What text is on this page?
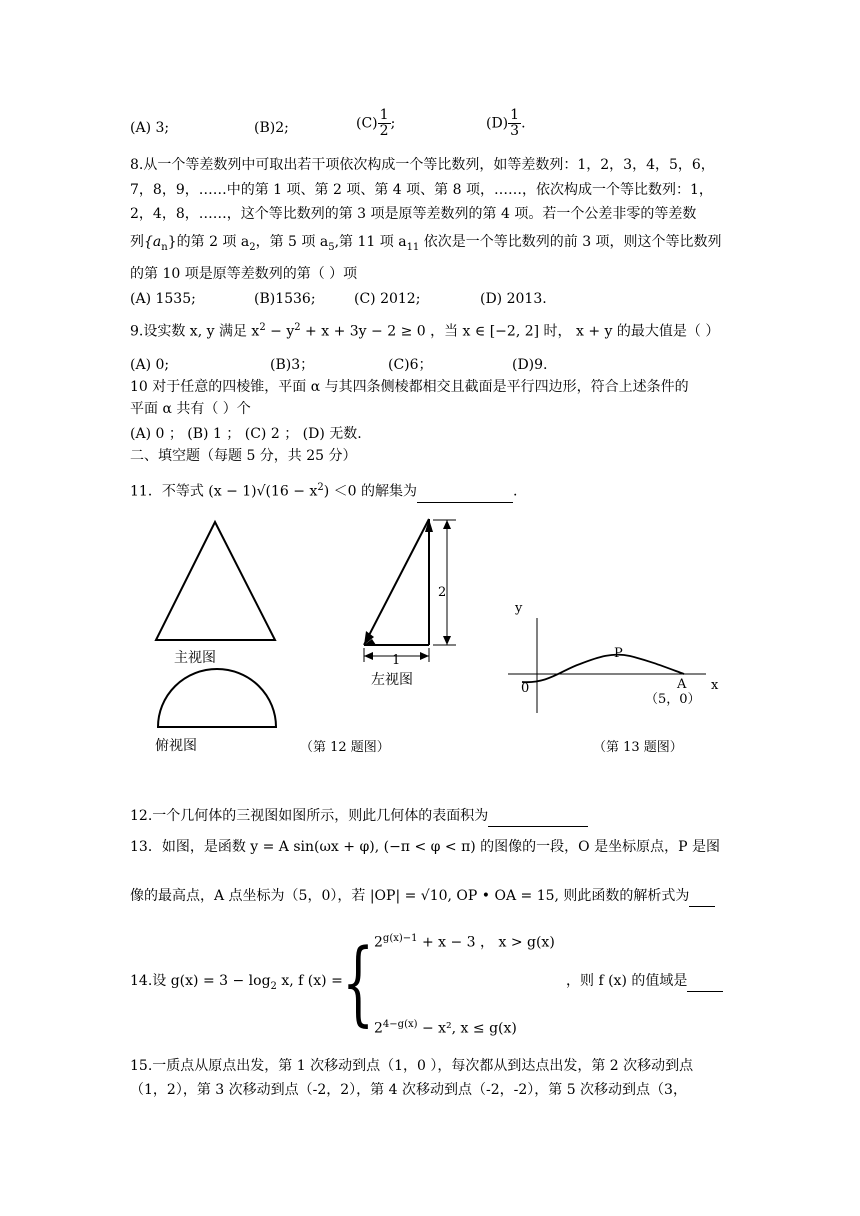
(A) 3;	(B)2;	$(C) \frac{1}{2}$ ;	$(D) \frac{1}{3}$ .
8.从一个等差数列中可取出若干项依次构成一个等比数列，如等差数列：1，2，3，4，5，6，
7，8，9，……中的第 1 项、第 2 项、第 4 项、第 8 项，……，依次构成一个等比数列：1，
2，4，8，……，这个等比数列的第 3 项是原等差数列的第 4 项。若一个公差非零的等差数
列$\{a_n\}$的第 2 项 $a_2$，第 5 项 $a_5$,第 11 项 $a_{11}$ 依次是一个等比数列的前 3 项，则这个等比数列
的第 10 项是原等差数列的第（ ）项
(A) 1535;	(B)1536;	(C) 2012;	(D) 2013.
9.设实数 x, y 满足 $x^2 - y^2 + x + 3y - 2 \ge 0$ ，当 x ∈ [−2, 2] 时， x + y 的最大值是（ ）
(A) 0;	(B)3；	(C)6；	(D)9.
10 对于任意的四棱锥，平面 α 与其四条侧棱都相交且截面是平行四边形，符合上述条件的
平面 α 共有（ ）个
(A) 0 ； (B) 1 ； (C) 2 ； (D) 无数.
二、填空题（每题 5 分，共 25 分）
11．不等式 $(x - 1)√(16 - x^2) <0$ 的解集为	.
2
1
主视图
左视图
俯视图	（第 12 题图）	（第 13 题图）
y
x
0
P
A
（5，0）
12.一个几何体的三视图如图所示，则此几何体的表面积为
13．如图，是函数 y = A sin(ωx + φ), (−π < φ < π) 的图像的一段，O 是坐标原点，P 是图
像的最高点，A 点坐标为（5，0），若 |OP| = √10, OP • OA = 15, 则此函数的解析式为
$2^{g(x)-1} + x - 3$ ， x > g(x)
14.设 $g(x) = 3 - \log_2 x$, f (x) = {	，则 f (x) 的值域是
$2^{4-g(x)} - x^2$, x ≤ g(x)
15.一质点从原点出发，第 1 次移动到点（1，0 ），每次都从到达点出发，第 2 次移动到点
（1，2），第 3 次移动到点（-2，2），第 4 次移动到点（-2，-2），第 5 次移动到点（3，
